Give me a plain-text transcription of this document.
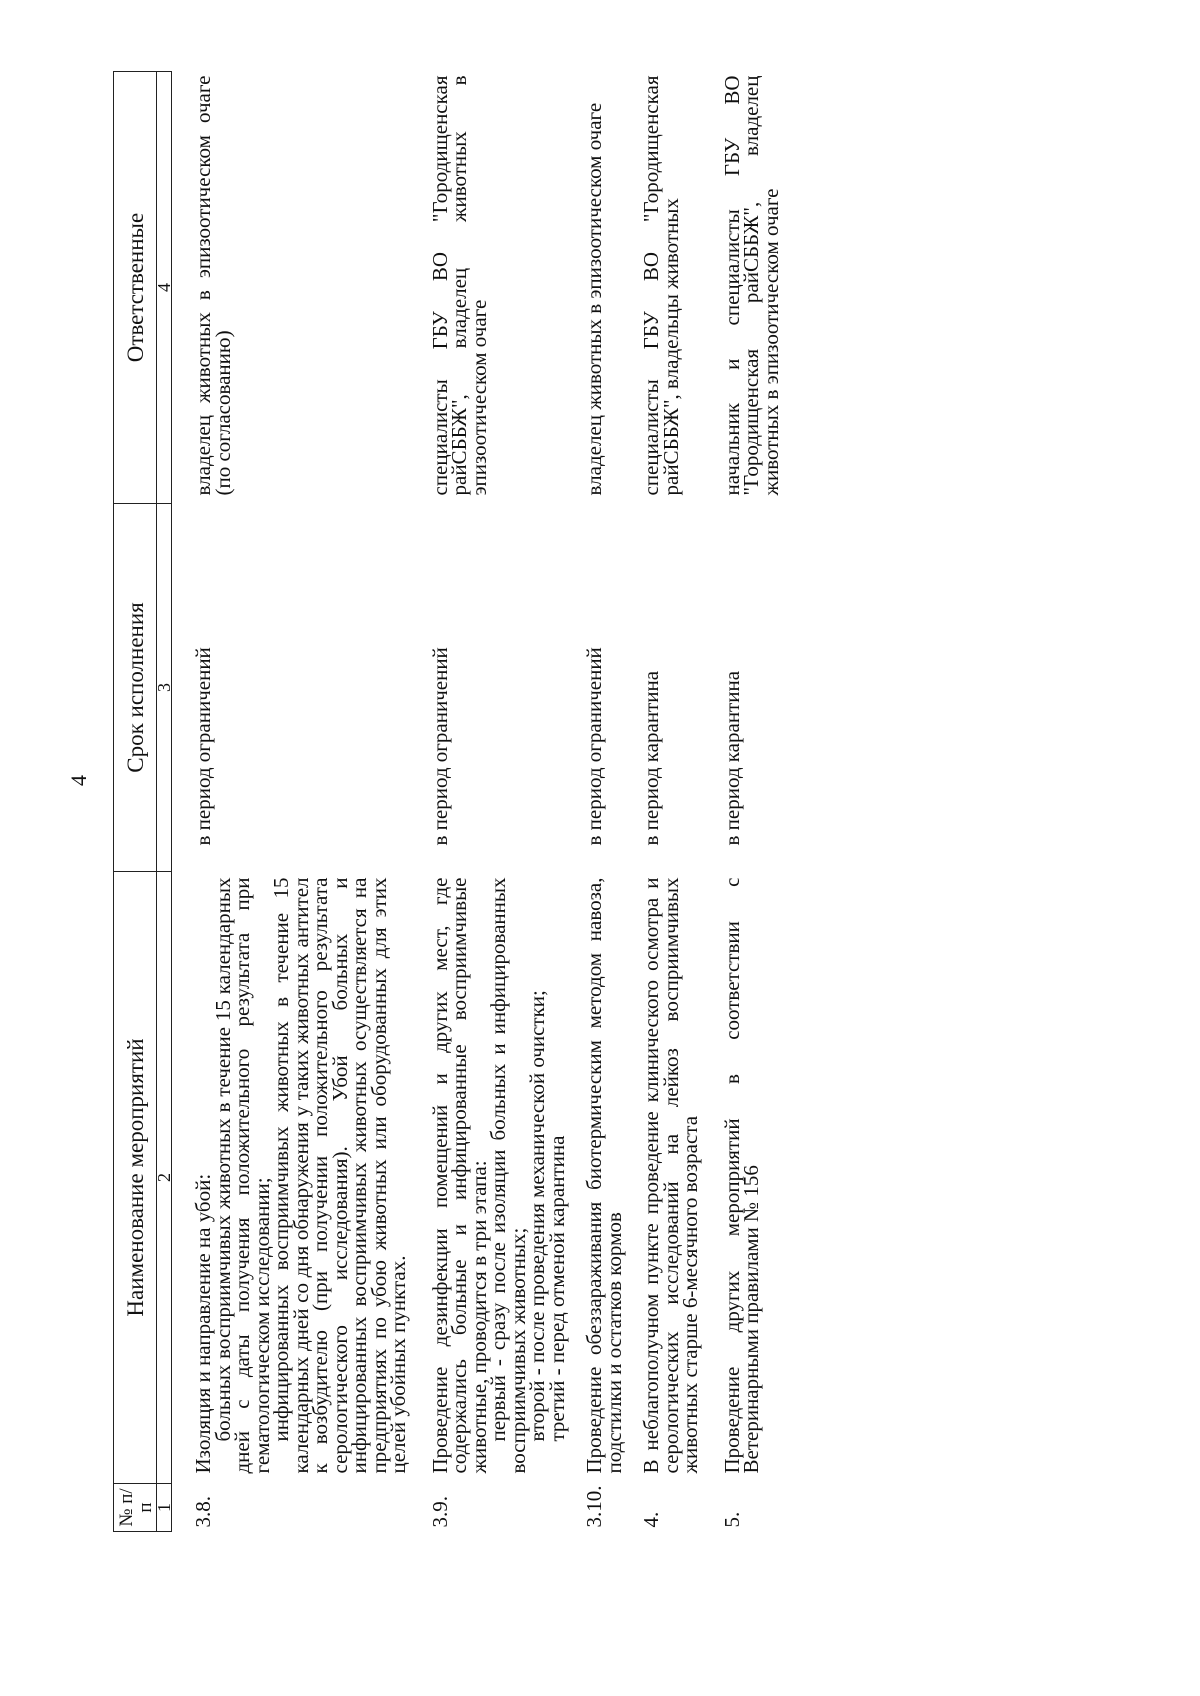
4
№ п/п	Наименование мероприятий	Срок исполнения	Ответственные
1	2	3	4
3.8.	Изоляция и направление на убой:

больных восприимчивых животных в течение 15 календарных дней с даты получения положительного результата при гематологическом исследовании;

инфицированных восприимчивых животных в течение 15 календарных дней со дня обнаружения у таких животных антител к возбудителю (при получении положительного результата серологического исследования). Убой больных и инфицированных восприимчивых животных осуществляется на предприятиях по убою животных или оборудованных для этих целей убойных пунктах.	в период ограничений	владелец животных в эпизоотическом очаге (по согласованию)

3.9.	Проведение дезинфекции помещений и других мест, где содержались больные и инфицированные восприимчивые животные, проводится в три этапа:

первый - сразу после изоляции больных и инфицированных восприимчивых животных;

второй - после проведения механической очистки;

третий - перед отменой карантина	в период ограничений	специалисты ГБУ ВО "Городищенская райСББЖ", владелец животных в эпизоотическом очаге

3.10.	Проведение обеззараживания биотермическим методом навоза, подстилки и остатков кормов	в период ограничений	владелец животных в эпизоотическом очаге

4.	В неблагополучном пункте проведение клинического осмотра и серологических исследований на лейкоз восприимчивых животных старше 6-месячного возраста	в период карантина	специалисты ГБУ ВО "Городищенская райСББЖ", владельцы животных

5.	Проведение других мероприятий в соответствии с Ветеринарными правилами № 156	в период карантина	начальник и специалисты ГБУ ВО "Городищенская райСББЖ", владелец животных в эпизоотическом очаге
